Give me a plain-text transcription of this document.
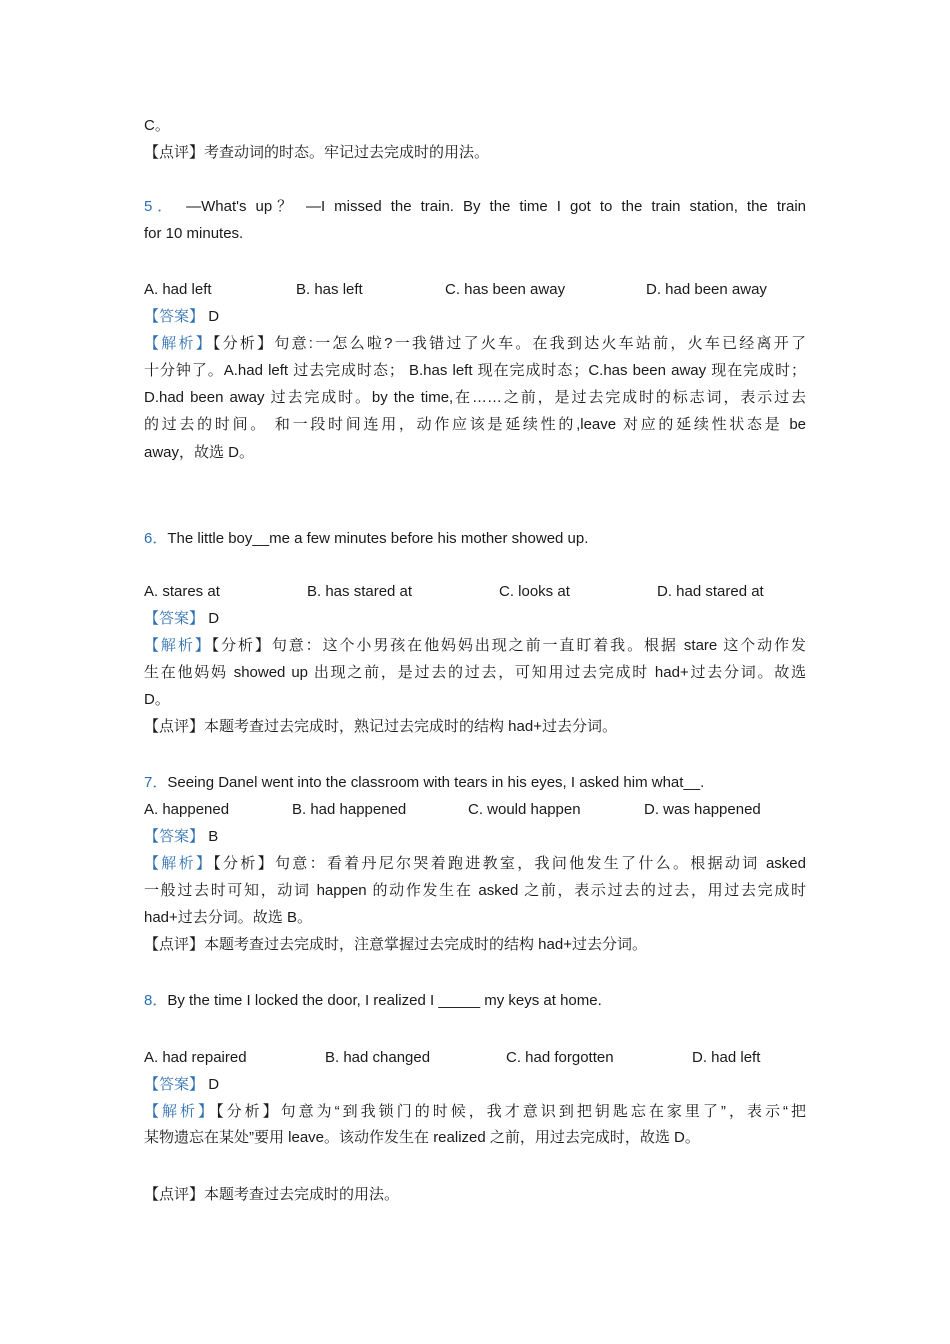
C。
【点评】考查动词的时态。牢记过去完成时的用法。
5． —What's up？ —I missed the train. By the time I got to the train station, the train
for 10 minutes.
A. had left	B. has left	C. has been away	D. had been away
【答案】 D
【解析】【分析】句意:一怎么啦?一我错过了火车。在我到达火车站前，火车已经离开了
十分钟了。A.had left 过去完成时态； B.has left 现在完成时态；C.has been away 现在完成时；
D.had been away 过去完成时。by the time,在……之前，是过去完成时的标志词，表示过去
的过去的时间。 和一段时间连用，动作应该是延续性的,leave 对应的延续性状态是 be
away，故选 D。
6．The little boy__me a few minutes before his mother showed up.
A. stares at	B. has stared at	C. looks at	D. had stared at
【答案】 D
【解析】【分析】句意：这个小男孩在他妈妈出现之前一直盯着我。根据 stare 这个动作发
生在他妈妈 showed up 出现之前，是过去的过去，可知用过去完成时 had+过去分词。故选
D。
【点评】本题考查过去完成时，熟记过去完成时的结构 had+过去分词。
7．Seeing Danel went into the classroom with tears in his eyes, I asked him what__.
A. happened	B. had happened	C. would happen	D. was happened
【答案】 B
【解析】【分析】句意：看着丹尼尔哭着跑进教室，我问他发生了什么。根据动词 asked
一般过去时可知，动词 happen 的动作发生在 asked 之前，表示过去的过去，用过去完成时
had+过去分词。故选 B。
【点评】本题考查过去完成时，注意掌握过去完成时的结构 had+过去分词。
8．By the time I locked the door, I realized I _____ my keys at home.
A. had repaired	B. had changed	C. had forgotten	D. had left
【答案】 D
【解析】【分析】句意为“到我锁门的时候，我才意识到把钥匙忘在家里了”，表示“把
某物遗忘在某处”要用 leave。该动作发生在 realized 之前，用过去完成时，故选 D。
【点评】本题考查过去完成时的用法。
